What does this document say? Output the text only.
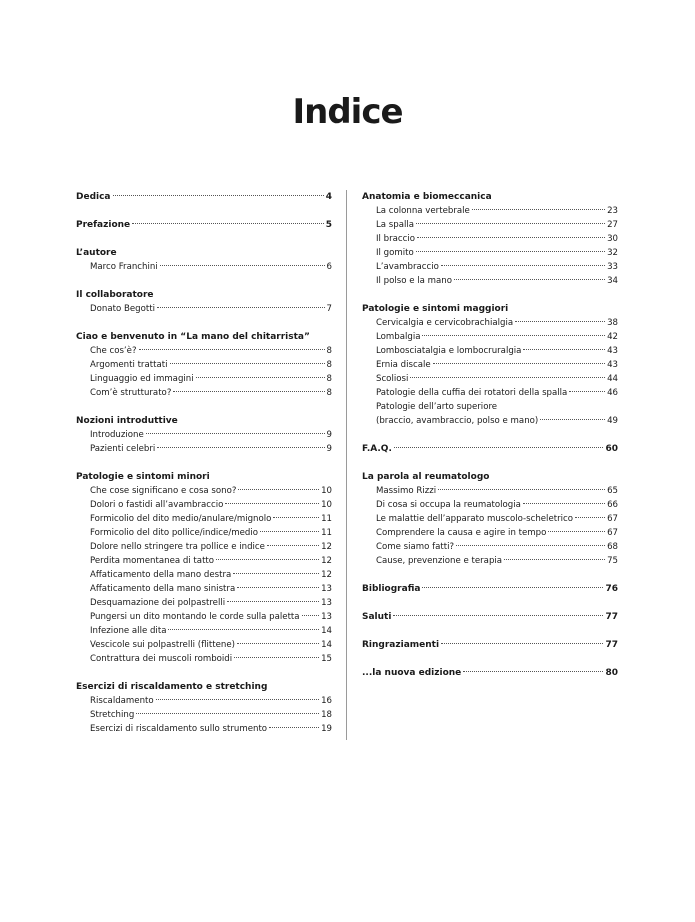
Indice
Dedica	4
Prefazione	5
L’autore
Marco Franchini	6
Il collaboratore
Donato Begotti	7
Ciao e benvenuto in “La mano del chitarrista”
Che cos’è?	8
Argomenti trattati	8
Linguaggio ed immagini	8
Com’è strutturato?	8
Nozioni introduttive
Introduzione	9
Pazienti celebri	9
Patologie e sintomi minori
Che cose significano e cosa sono?	10
Dolori o fastidi all’avambraccio	10
Formicolio del dito medio/anulare/mignolo	11
Formicolio del dito pollice/indice/medio	11
Dolore nello stringere tra pollice e indice	12
Perdita momentanea di tatto	12
Affaticamento della mano destra	12
Affaticamento della mano sinistra	13
Desquamazione dei polpastrelli	13
Pungersi un dito montando le corde sulla paletta 13
Infezione alle dita	14
Vescicole sui polpastrelli (flittene)	14
Contrattura dei muscoli romboidi	15
Esercizi di riscaldamento e stretching
Riscaldamento	16
Stretching	18
Esercizi di riscaldamento sullo strumento	19
Anatomia e biomeccanica
La colonna vertebrale	23
La spalla	27
Il braccio	30
Il gomito	32
L’avambraccio	33
Il polso e la mano	34
Patologie e sintomi maggiori
Cervicalgia e cervicobrachialgia	38
Lombalgia	42
Lombosciatalgia e lombocruralgia	43
Ernia discale	43
Scoliosi	44
Patologie della cuffia dei rotatori della spalla	46
Patologie dell’arto superiore
(braccio, avambraccio, polso e mano)	49
F.A.Q.	60
La parola al reumatologo
Massimo Rizzi	65
Di cosa si occupa la reumatologia	66
Le malattie dell’apparato muscolo-scheletrico	67
Comprendere la causa e agire in tempo	67
Come siamo fatti?	68
Cause, prevenzione e terapia	75
Bibliografia	76
Saluti	77
Ringraziamenti	77
...la nuova edizione	80
